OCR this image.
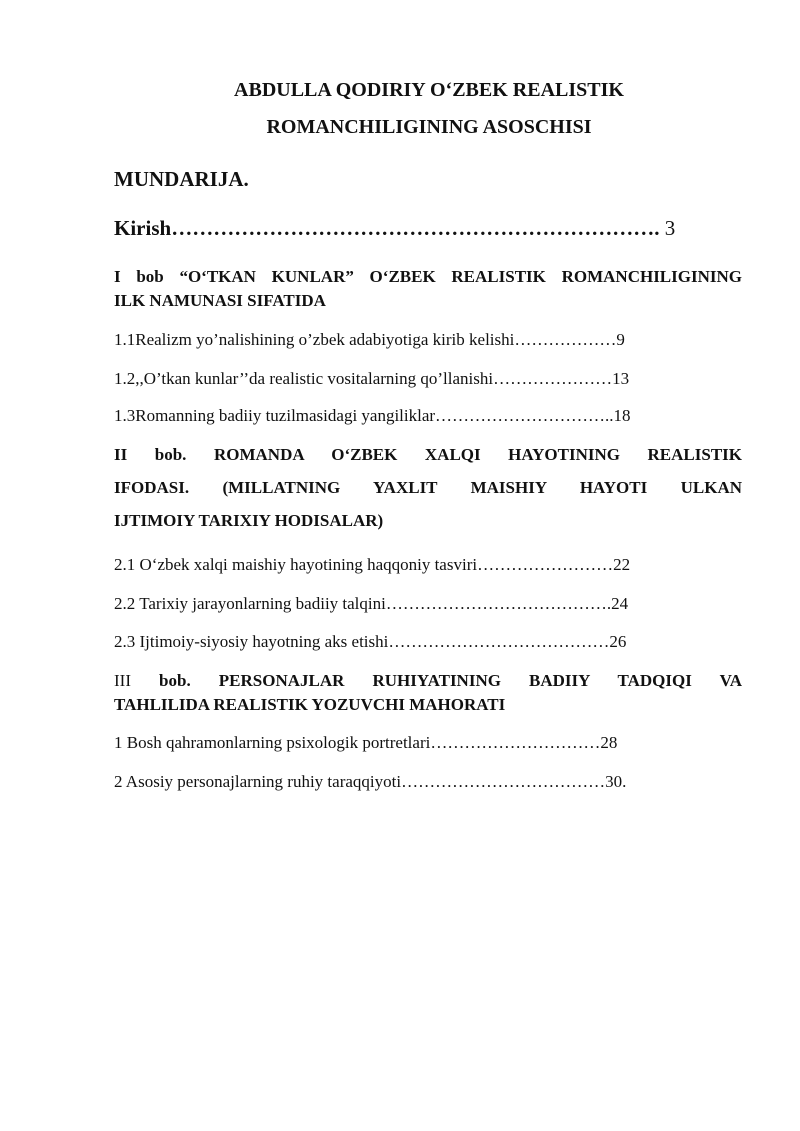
ABDULLA QODIRIY O‘ZBEK REALISTIK
ROMANCHILIGINING ASOSCHISI
MUNDARIJA.
Kirish……………………………………………………………. 3
I bob “O‘TKAN KUNLAR” O‘ZBEK REALISTIK ROMANCHILIGINING
ILK NAMUNASI SIFATIDA
1.1Realizm yo’nalishining o’zbek adabiyotiga kirib kelishi………………9
1.2,,O’tkan kunlar’’da realistic vositalarning qo’llanishi…………………13
1.3Romanning badiiy tuzilmasidagi yangiliklar…………………………..18
II bob. ROMANDA O‘ZBEK XALQI HAYOTINING REALISTIK
IFODASI. (MILLATNING YAXLIT MAISHIY HAYOTI ULKAN
IJTIMOIY TARIXIY HODISALAR)
2.1 O‘zbek xalqi maishiy hayotining haqqoniy tasviri……………………22
2.2 Tarixiy jarayonlarning badiiy talqini………………………………….24
2.3 Ijtimoiy-siyosiy hayotning aks etishi…………………………………26
III bob. PERSONAJLAR RUHIYATINING BADIIY TADQIQI VA
TAHLILIDA REALISTIK YOZUVCHI MAHORATI
1 Bosh qahramonlarning psixologik portretlari…………………………28
2 Asosiy personajlarning ruhiy taraqqiyoti………………………………30.
